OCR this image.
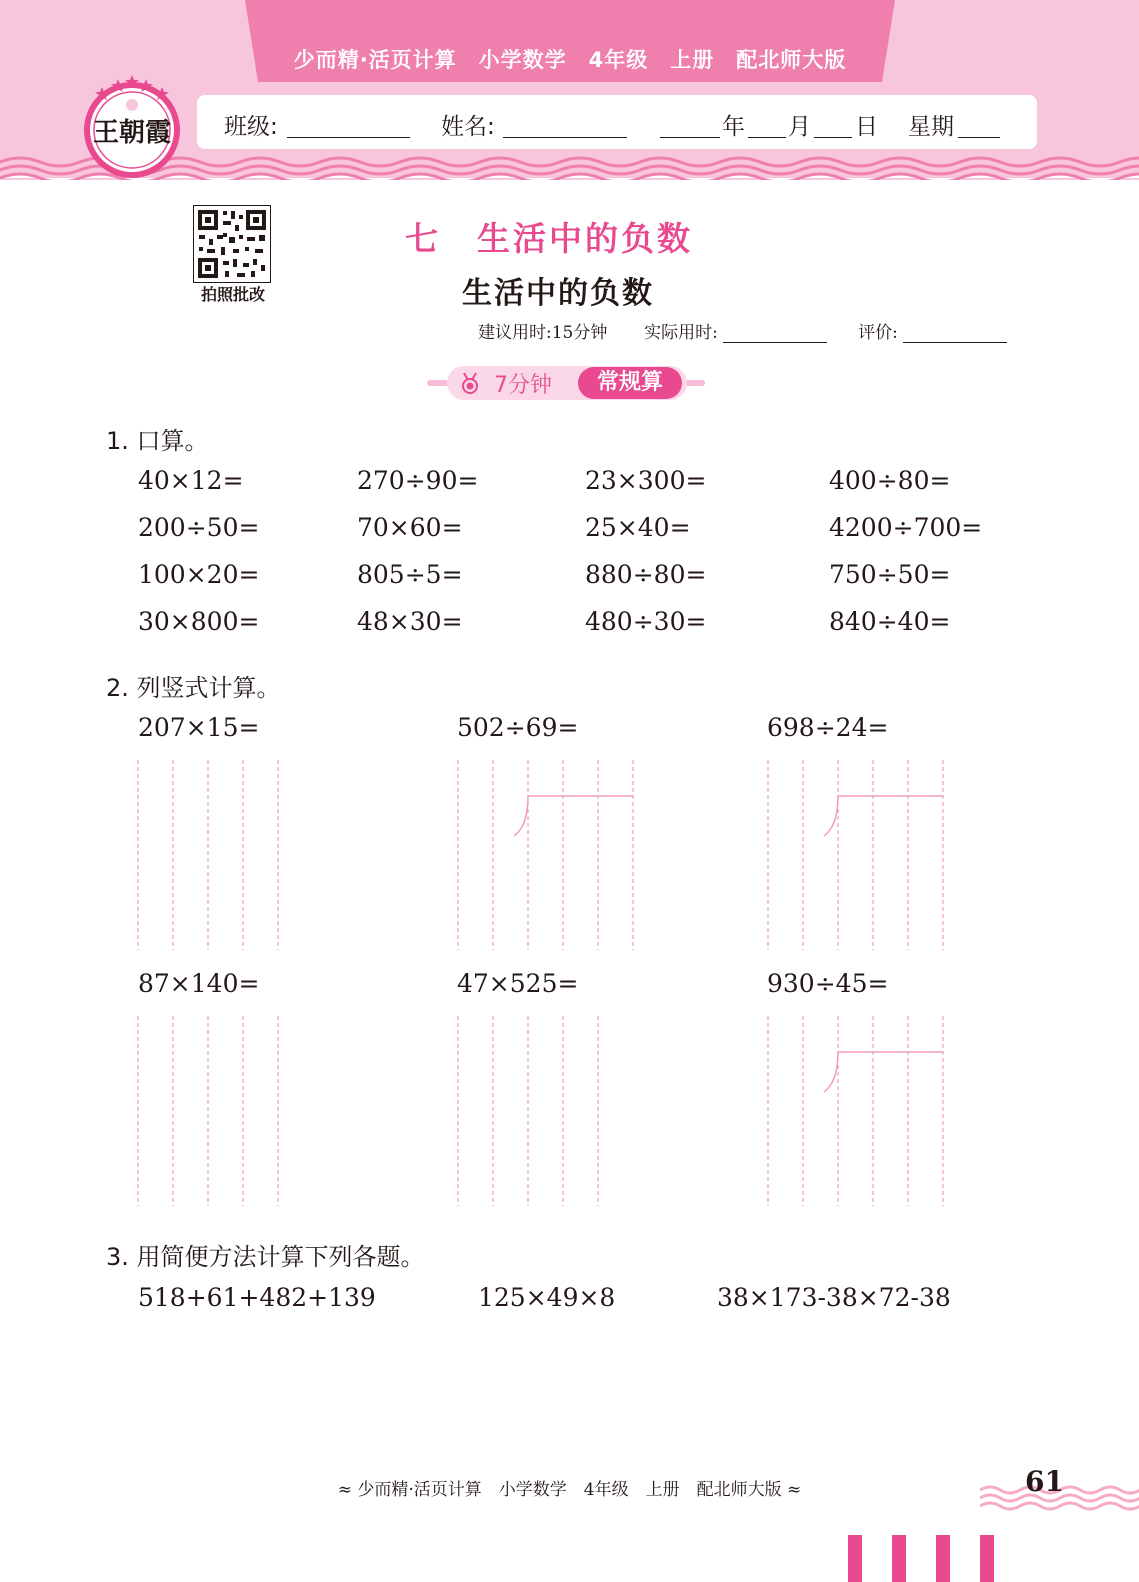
少而精·活页计算　小学数学　4年级　上册　配北师大版
班级:	姓名:	年 月 日 星期
王朝霞
拍照批改
七　生活中的负数
生活中的负数
建议用时:15分钟 实际用时:	评价:
7分钟	常规算
1. 口算。
40×12=	270÷90=	23×300=	400÷80=
200÷50=	70×60=	25×40=	4200÷700=
100×20=	805÷5=	880÷80=	750÷50=
30×800=	48×30=	480÷30=	840÷40=
2. 列竖式计算。
207×15=	502÷69=	698÷24=
87×140=	47×525=	930÷45=
3. 用简便方法计算下列各题。
518+61+482+139	125×49×8	38×173-38×72-38
≈ 少而精·活页计算　小学数学　4年级　上册　配北师大版 ≈	61
